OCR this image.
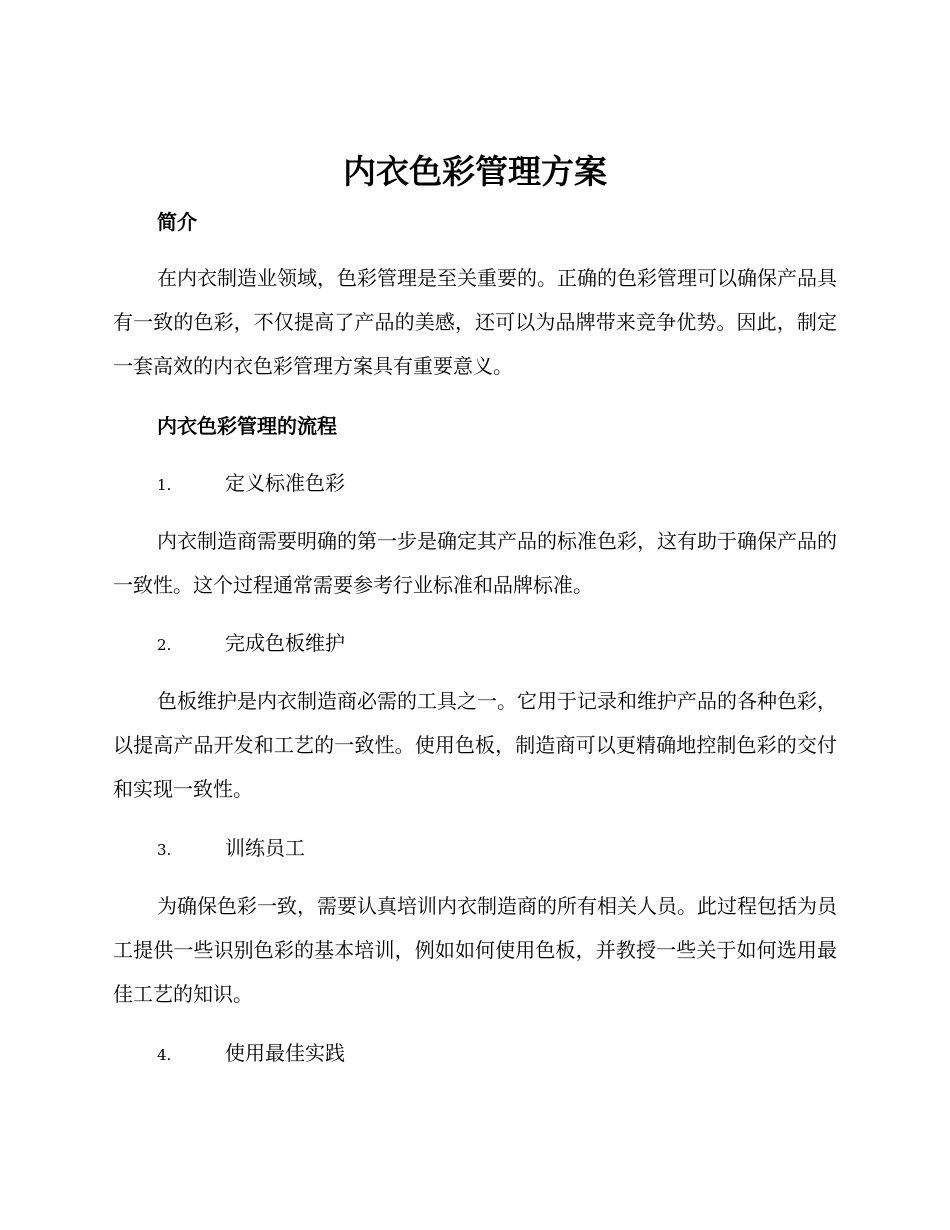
内衣色彩管理方案
简介

在内衣制造业领域，色彩管理是至关重要的。正确的色彩管理可以确保产品具有一致的色彩，不仅提高了产品的美感，还可以为品牌带来竞争优势。因此，制定一套高效的内衣色彩管理方案具有重要意义。

内衣色彩管理的流程
1.	定义标准色彩

内衣制造商需要明确的第一步是确定其产品的标准色彩，这有助于确保产品的一致性。这个过程通常需要参考行业标准和品牌标准。

2.	完成色板维护

色板维护是内衣制造商必需的工具之一。它用于记录和维护产品的各种色彩，以提高产品开发和工艺的一致性。使用色板，制造商可以更精确地控制色彩的交付和实现一致性。

3.	训练员工

为确保色彩一致，需要认真培训内衣制造商的所有相关人员。此过程包括为员工提供一些识别色彩的基本培训，例如如何使用色板，并教授一些关于如何选用最佳工艺的知识。

4.	使用最佳实践
